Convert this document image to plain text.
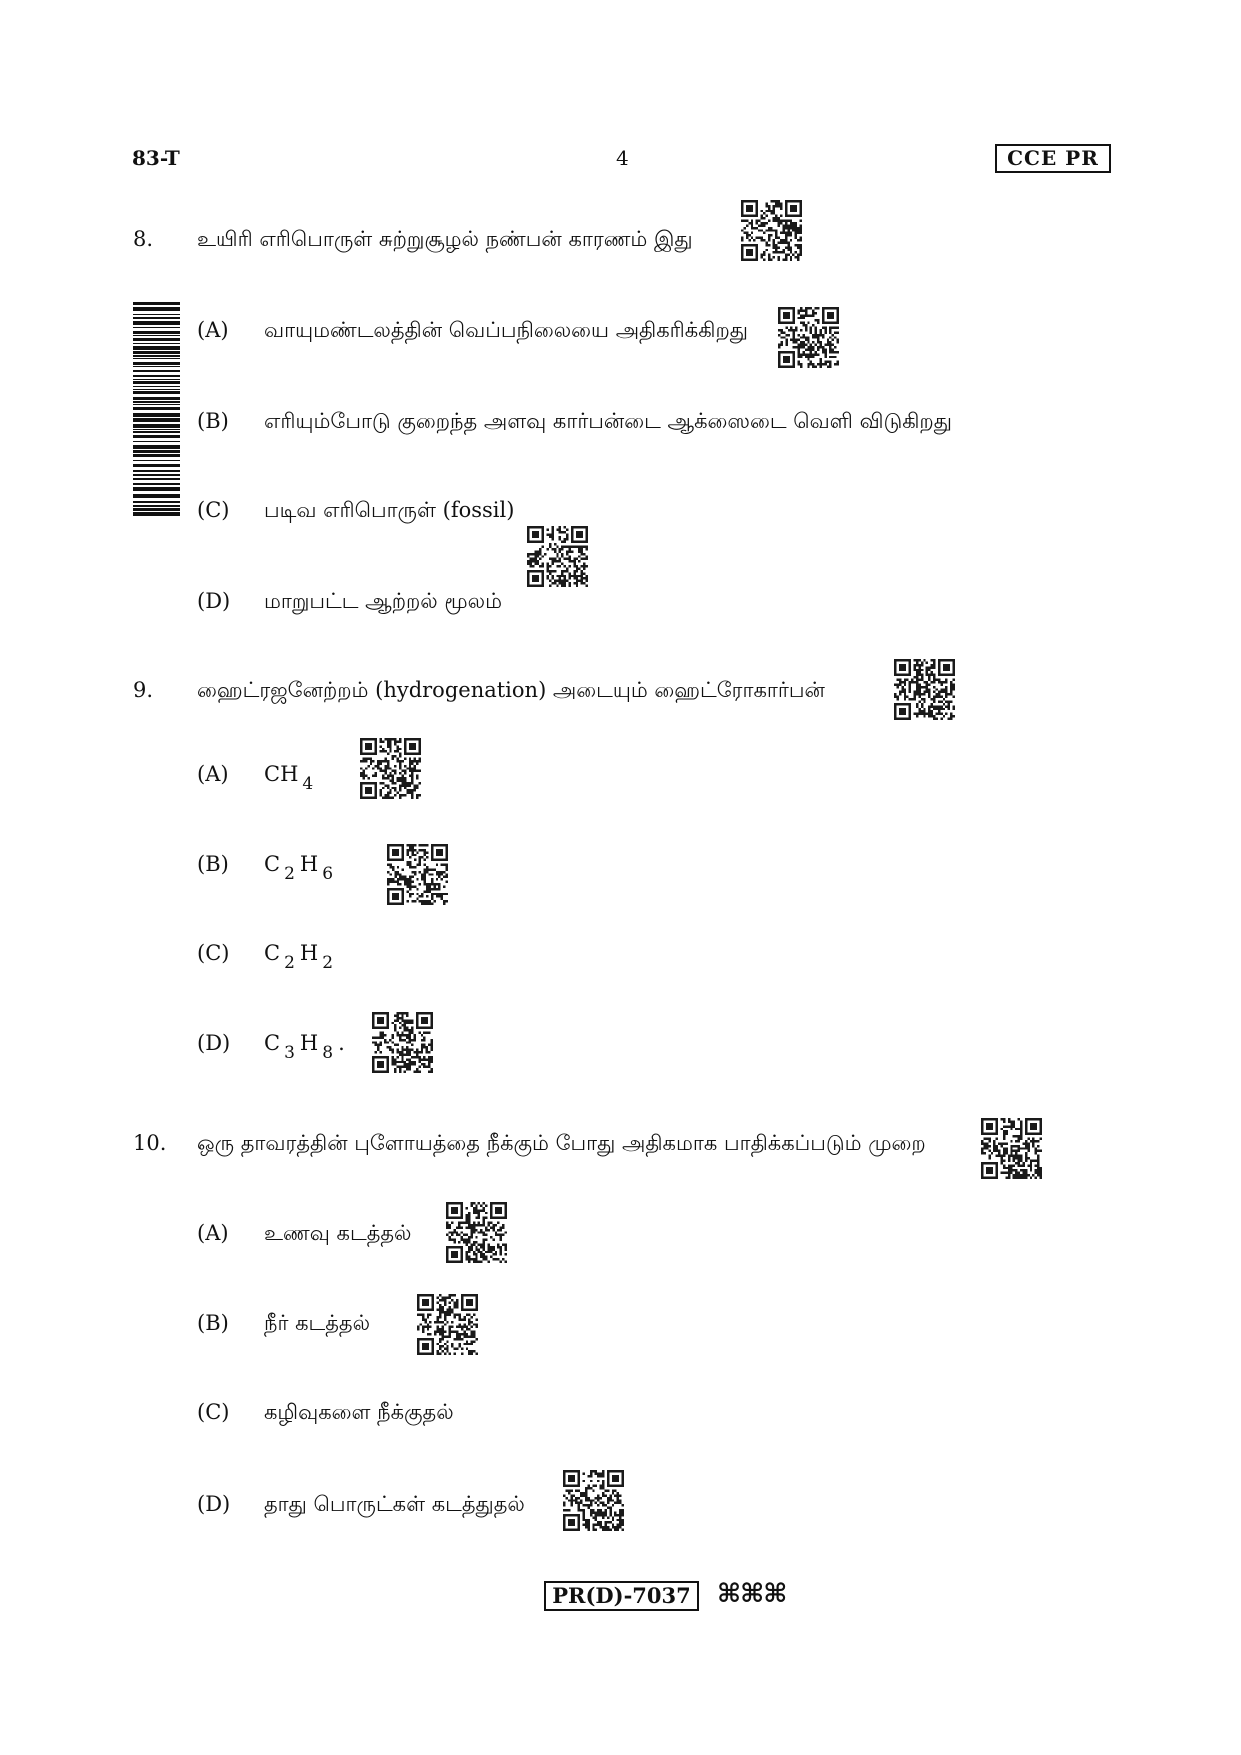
83-T	4	CCE PR
8. உயிரி எரிபொருள் சுற்றுசூழல் நண்பன் காரணம் இது
(A) வாயுமண்டலத்தின் வெப்பநிலையை அதிகரிக்கிறது
(B) எரியும்போடு குறைந்த அளவு கார்பன்டை ஆக்ஸைடை வெளி விடுகிறது
(C) படிவ எரிபொருள் (fossil)
(D) மாறுபட்ட ஆற்றல் மூலம்
9. ஹைட்ரஜனேற்றம் (hydrogenation) அடையும் ஹைட்ரோகார்பன்
(A) CH $_4$
(B) C $_2$ H $_6$
(C) C $_2$ H $_2$
(D) C $_3$ H $_8$ .
10. ஒரு தாவரத்தின் புளோயத்தை நீக்கும் போது அதிகமாக பாதிக்கப்படும் முறை
(A) உணவு கடத்தல்
(B) நீர் கடத்தல்
(C) கழிவுகளை நீக்குதல்
(D) தாது பொருட்கள் கடத்துதல்
PR(D)-7037	⌘⌘⌘
